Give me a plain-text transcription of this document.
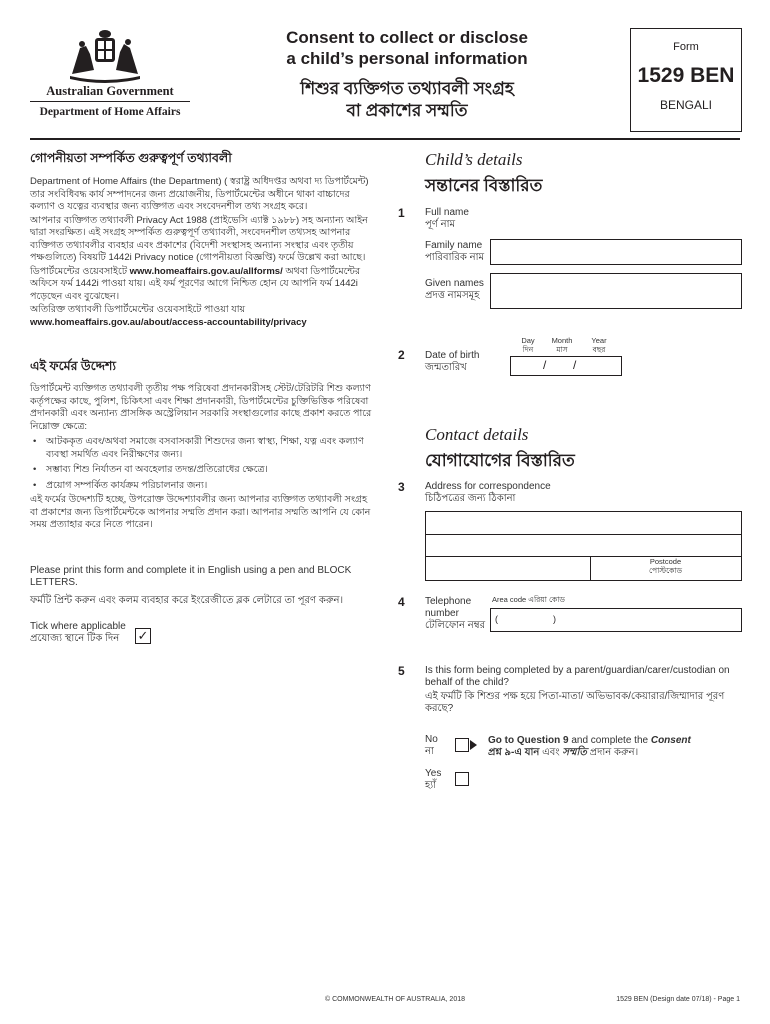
Australian Government
Department of Home Affairs
Consent to collect or disclose
a child’s personal information
শিশুর ব্যক্তিগত তথ্যাবলী সংগ্রহ
বা প্রকাশের সম্মতি
Form
1529 BEN
BENGALI
গোপনীয়তা সম্পর্কিত গুরুত্বপূর্ণ তথ্যাবলী
Department of Home Affairs (the Department) ( স্বরাষ্ট্র অধিদপ্তর অথবা দ্য ডিপার্টমেন্ট) তার সংবিধিবদ্ধ কার্য সম্পাদনের জন্য প্রয়োজনীয়, ডিপার্টমেন্টের অধীনে থাকা বাচ্চাদের কল্যাণ ও যত্নের ব্যবস্থার জন্য ব্যক্তিগত এবং সংবেদনশীল তথ্য সংগ্রহ করে।
আপনার ব্যক্তিগত তথ্যাবলী Privacy Act 1988 (প্রাইভেসি এ্যাক্ট ১৯৮৮) সহ অন্যান্য আইন দ্বারা সংরক্ষিত। এই সংগ্রহ সম্পর্কিত গুরুত্বপূর্ণ তথ্যাবলী, সংবেদনশীল তথ্যসহ আপনার ব্যক্তিগত তথ্যাবলীর ব্যবহার এবং প্রকাশের (বিদেশী সংস্থাসহ অন্যান্য সংস্থার এবং তৃতীয় পক্ষগুলিতে) বিষয়টি 1442i Privacy notice (গোপনীয়তা বিজ্ঞপ্তি) ফর্মে উল্লেখ করা আছে।
ডিপার্টমেন্টের ওয়েবসাইটে www.homeaffairs.gov.au/allforms/ অথবা ডিপার্টমেন্টের অফিসে ফর্ম 1442i পাওয়া যায়। এই ফর্ম পূরণের আগে নিশ্চিত হোন যে আপনি ফর্ম 1442i পড়েছেন এবং বুঝেছেন।
অতিরিক্ত তথ্যাবলী ডিপার্টমেন্টের ওয়েবসাইটে পাওয়া যায়
www.homeaffairs.gov.au/about/access-accountability/privacy
এই ফর্মের উদ্দেশ্য
ডিপার্টমেন্ট ব্যক্তিগত তথ্যাবলী তৃতীয় পক্ষ পরিষেবা প্রদানকারীসহ স্টেট/টেরিটরি শিশু কল্যাণ কর্তৃপক্ষের কাছে, পুলিশ, চিকিৎসা এবং শিক্ষা প্রদানকারী, ডিপার্টমেন্টের চুক্তিভিত্তিক পরিষেবা প্রদানকারী এবং অন্যান্য প্রাসঙ্গিক অস্ট্রেলিয়ান সরকারি সংস্থাগুলোর কাছে প্রকাশ করতে পারে নিম্নোক্ত ক্ষেত্রে:
• আটককৃত এবং/অথবা সমাজে বসবাসকারী শিশুদের জন্য স্বাস্থ্য, শিক্ষা, যত্ন এবং কল্যাণ ব্যবস্থা সমর্থিত এবং নিরীক্ষণের জন্য।
• সম্ভাব্য শিশু নির্যাতন বা অবহেলার তদন্ত/প্রতিরোধের ক্ষেত্রে।
• প্রয়োগ সম্পর্কিত কার্যক্রম পরিচালনার জন্য।
এই ফর্মের উদ্দেশ্যটি হচ্ছে, উপরোক্ত উদ্দেশ্যাবলীর জন্য আপনার ব্যক্তিগত তথ্যাবলী সংগ্রহ বা প্রকাশের জন্য ডিপার্টমেন্টকে আপনার সম্মতি প্রদান করা। আপনার সম্মতি আপনি যে কোন সময় প্রত্যাহার করে নিতে পারেন।
Please print this form and complete it in English using a pen and BLOCK LETTERS.
ফর্মটি প্রিন্ট করুন এবং কলম ব্যবহার করে ইংরেজীতে ব্লক লেটারে তা পূরণ করুন।
Tick where applicable
প্রযোজ্য স্থানে টিক দিন	✓
Child’s details
সন্তানের বিস্তারিত
1 Full name
পূর্ণ নাম
Family name
পারিবারিক নাম
Given names
প্রদত্ত নামসমূহ
Day
দিন
Month
মাস
Year
বছর
2 Date of birth
জন্মতারিখ	/ /
Contact details
যোগাযোগের বিস্তারিত
3 Address for correspondence
চিঠিপত্রের জন্য ঠিকানা
Postcode
পোস্টকোড
4 Telephone
number
টেলিফোন নম্বর
Area code এরিয়া কোড
(	)
5 Is this form being completed by a parent/guardian/carer/custodian on behalf of the child?
এই ফর্মটি কি শিশুর পক্ষ হয়ে পিতা-মাতা/ অভিভাবক/কেয়ারার/জিম্মাদার পূরণ করছে?
No
না
Go to Question 9 and complete the Consent
প্রশ্ন ৯-এ যান এবং সম্মতি প্রদান করুন।
Yes
হ্যাঁ
© COMMONWEALTH OF AUSTRALIA, 2018	1529 BEN (Design date 07/18) - Page 1
